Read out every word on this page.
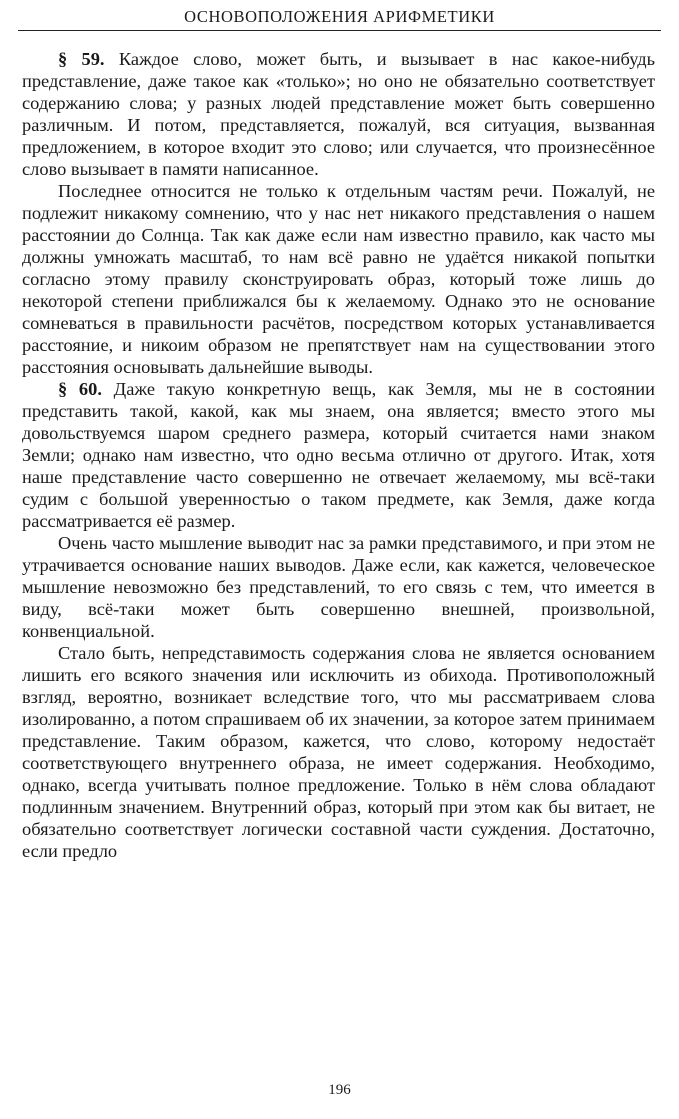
ОСНОВОПОЛОЖЕНИЯ АРИФМЕТИКИ

§ 59. Каждое слово, может быть, и вызывает в нас какое-нибудь представление, даже такое как «только»; но оно не обязательно соответствует содержанию слова; у разных людей представление может быть совершенно различным. И потом, представляется, пожалуй, вся ситуация, вызванная предложением, в которое входит это слово; или случается, что произнесённое слово вызывает в памяти написанное.

Последнее относится не только к отдельным частям речи. Пожалуй, не подлежит никакому сомнению, что у нас нет никакого представления о нашем расстоянии до Солнца. Так как даже если нам известно правило, как часто мы должны умножать масштаб, то нам всё равно не удаётся никакой попытки согласно этому правилу сконструировать образ, который тоже лишь до некоторой степени приближался бы к желаемому. Однако это не основание сомневаться в правильности расчётов, посредством которых устанавливается расстояние, и никоим образом не препятствует нам на существовании этого расстояния основывать дальнейшие выводы.

§ 60. Даже такую конкретную вещь, как Земля, мы не в состоянии представить такой, какой, как мы знаем, она является; вместо этого мы довольствуемся шаром среднего размера, который считается нами знаком Земли; однако нам известно, что одно весьма отлично от другого. Итак, хотя наше представление часто совершенно не отвечает желаемому, мы всё-таки судим с большой уверенностью о таком предмете, как Земля, даже когда рассматривается её размер.

Очень часто мышление выводит нас за рамки представимого, и при этом не утрачивается основание наших выводов. Даже если, как кажется, человеческое мышление невозможно без представлений, то его связь с тем, что имеется в виду, всё-таки может быть совершенно внешней, произвольной, конвенциальной.

Стало быть, непредставимость содержания слова не является основанием лишить его всякого значения или исключить из обихода. Противоположный взгляд, вероятно, возникает вследствие того, что мы рассматриваем слова изолированно, а потом спрашиваем об их значении, за которое затем принимаем представление. Таким образом, кажется, что слово, которому недостаёт соответствующего внутреннего образа, не имеет содержания. Необходимо, однако, всегда учитывать полное предложение. Только в нём слова обладают подлинным значением. Внутренний образ, который при этом как бы витает, не обязательно соответствует логически составной части суждения. Достаточно, если предло

196
